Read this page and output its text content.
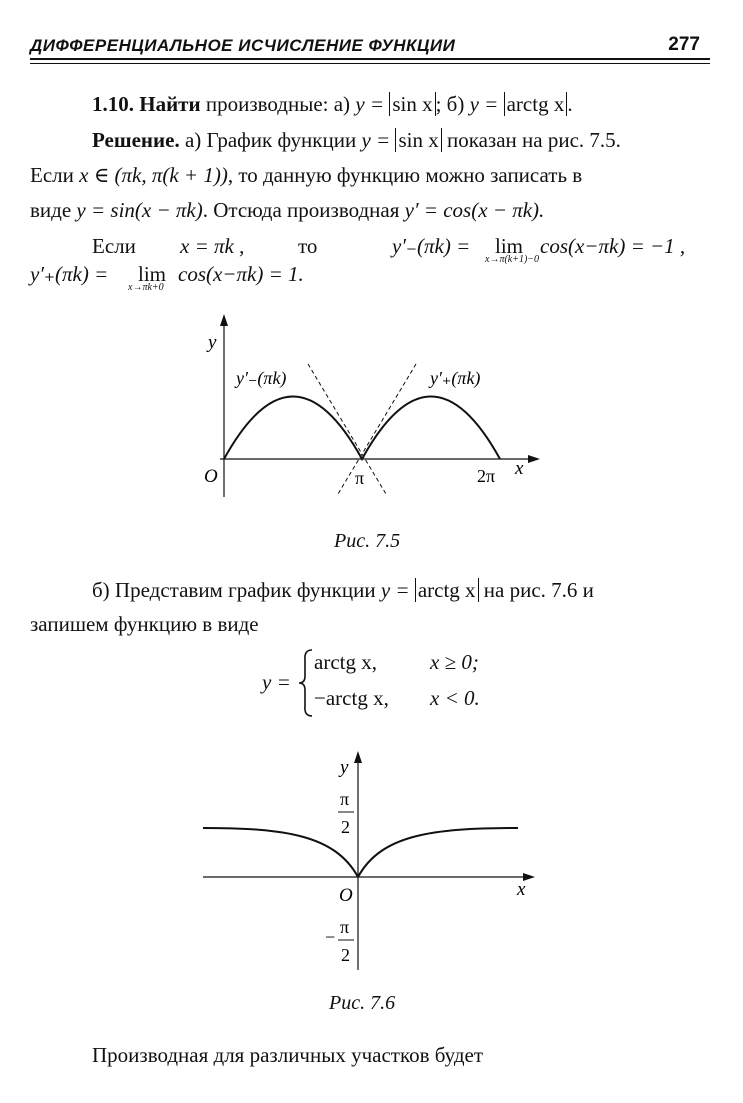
ДИФФЕРЕНЦИАЛЬНОЕ ИСЧИСЛЕНИЕ ФУНКЦИИ	277
1.10. Найти производные: а) y = sin x ; б) y = arctg x .
Решение. а) График функции y = sin x показан на рис. 7.5.
Если x ∈ (πk, π(k + 1)), то данную функцию можно записать в
виде y = sin(x − πk). Отсюда производная y′ = cos(x − πk).
Если x = πk ,	то	y′₋(πk) = lim
x→π(k+1)−0
cos(x−πk) = −1 ,
y′₊(πk) = lim
x→πk+0
cos(x−πk) = 1.
y
x
O	π	2π
y′₋(πk)	y′₊(πk)
Рис. 7.5
б) Представим график функции y = arctg x на рис. 7.6 и
запишем функцию в виде
y =
arctg x,	x ≥ 0;
−arctg x, x < 0.
y
x
O
π
2
− π
2
Рис. 7.6
Производная для различных участков будет
